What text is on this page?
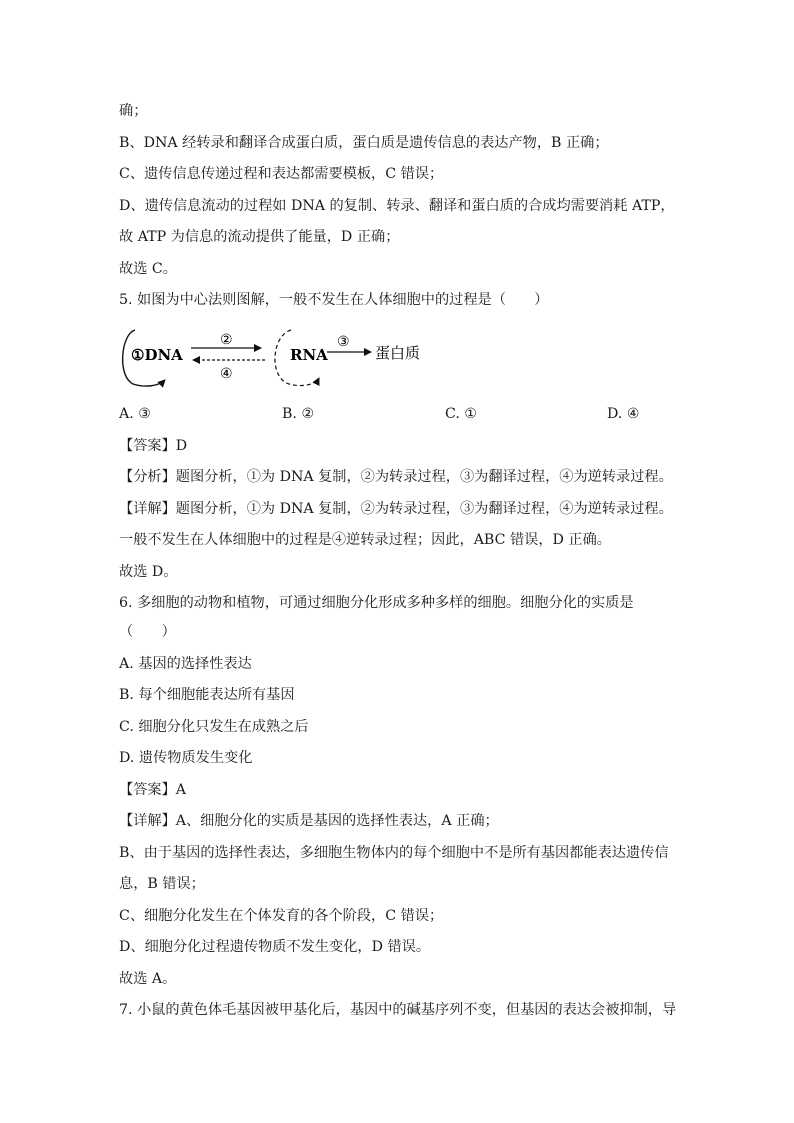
确；
B、DNA 经转录和翻译合成蛋白质，蛋白质是遗传信息的表达产物，B 正确；
C、遗传信息传递过程和表达都需要模板，C 错误；
D、遗传信息流动的过程如 DNA 的复制、转录、翻译和蛋白质的合成均需要消耗 ATP，
故 ATP 为信息的流动提供了能量，D 正确；
故选 C。
5. 如图为中心法则图解，一般不发生在人体细胞中的过程是（　　）
①DNA
②
④
RNA
③
蛋白质
A. ③	B. ②	C. ①	D. ④
【答案】D
【分析】题图分析，①为 DNA 复制，②为转录过程，③为翻译过程，④为逆转录过程。
【详解】题图分析，①为 DNA 复制，②为转录过程，③为翻译过程，④为逆转录过程。
一般不发生在人体细胞中的过程是④逆转录过程；因此，ABC 错误，D 正确。
故选 D。
6. 多细胞的动物和植物，可通过细胞分化形成多种多样的细胞。细胞分化的实质是
（　　）
A. 基因的选择性表达
B. 每个细胞能表达所有基因
C. 细胞分化只发生在成熟之后
D. 遗传物质发生变化
【答案】A
【详解】A、细胞分化的实质是基因的选择性表达，A 正确；
B、由于基因的选择性表达，多细胞生物体内的每个细胞中不是所有基因都能表达遗传信
息，B 错误；
C、细胞分化发生在个体发育的各个阶段，C 错误；
D、细胞分化过程遗传物质不发生变化，D 错误。
故选 A。
7. 小鼠的黄色体毛基因被甲基化后，基因中的碱基序列不变，但基因的表达会被抑制，导
